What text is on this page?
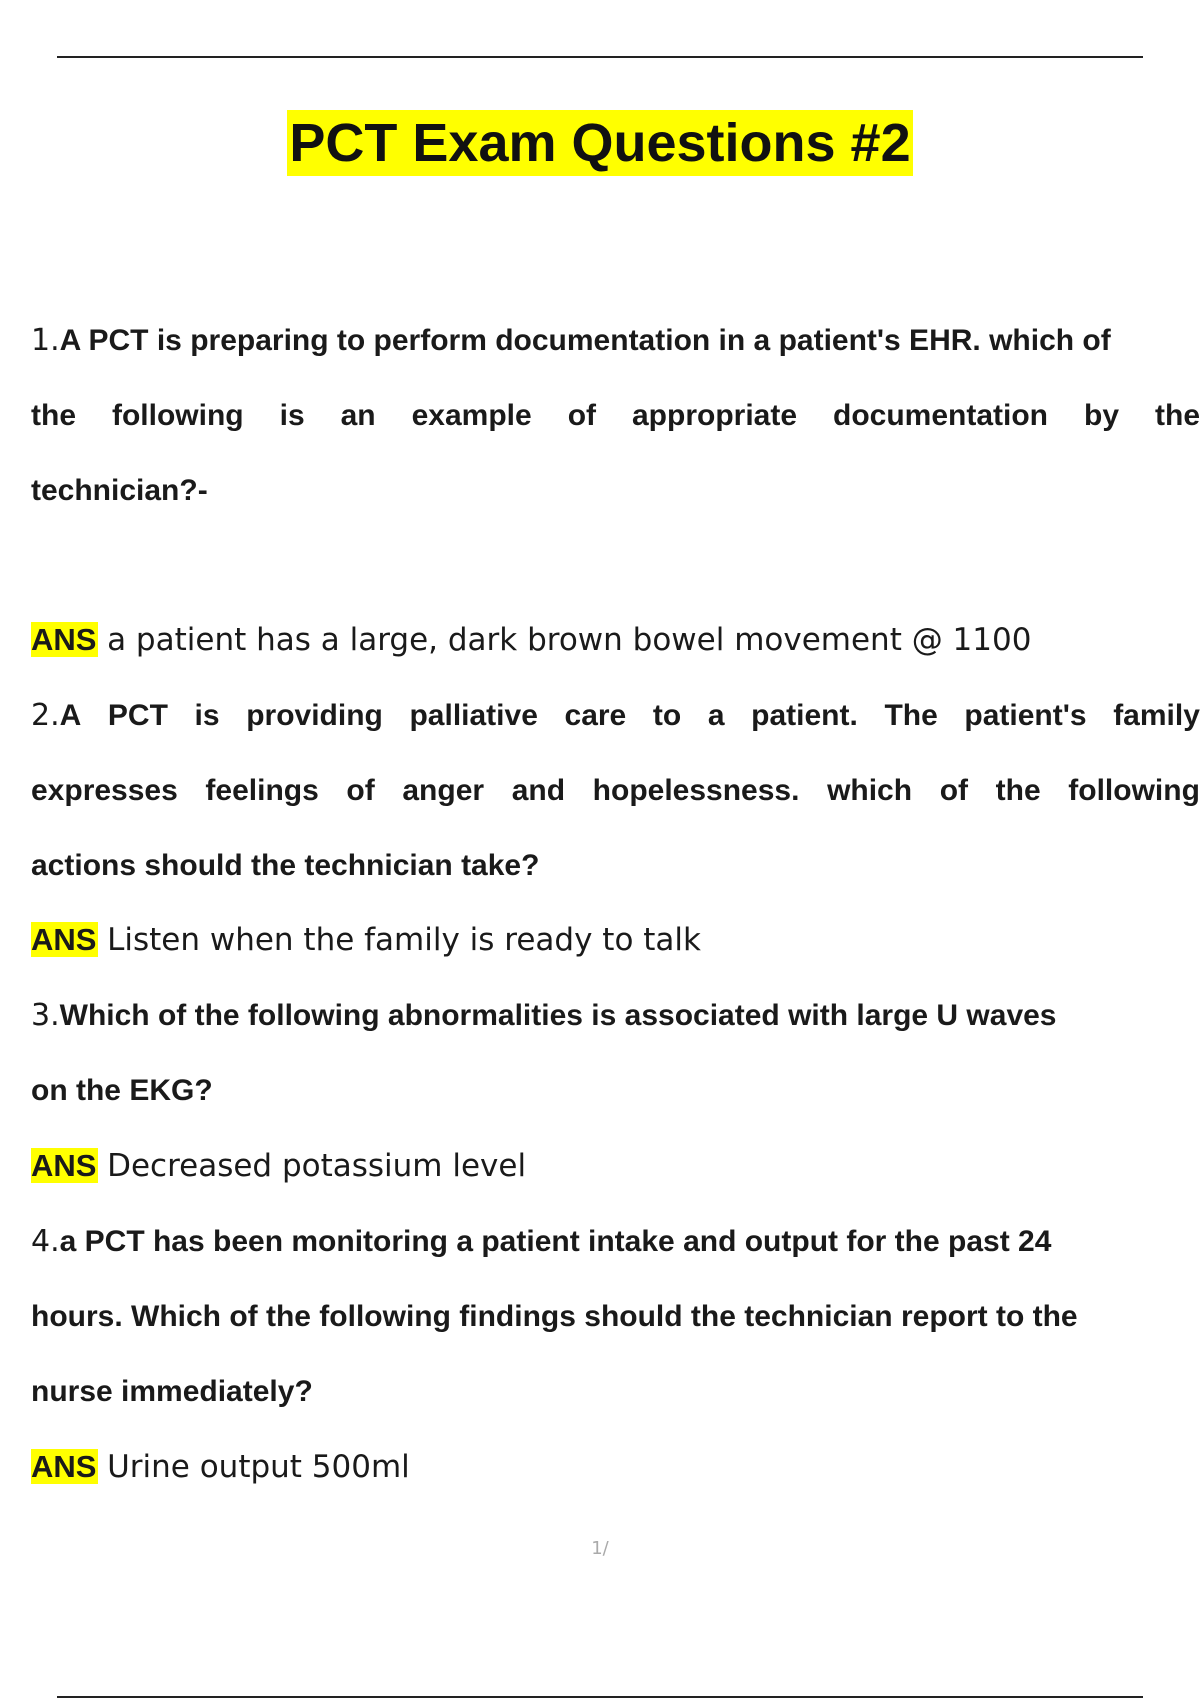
PCT Exam Questions #2
1.A PCT is preparing to perform documentation in a patient's EHR. which of
the following is an example of appropriate documentation by the
technician?-
ANS a patient has a large, dark brown bowel movement @ 1100
2.A PCT is providing palliative care to a patient. The patient's family
expresses feelings of anger and hopelessness. which of the following
actions should the technician take?
ANS Listen when the family is ready to talk
3.Which of the following abnormalities is associated with large U waves
on the EKG?
ANS Decreased potassium level
4.a PCT has been monitoring a patient intake and output for the past 24
hours. Which of the following findings should the technician report to the
nurse immediately?
ANS Urine output 500ml
1/
